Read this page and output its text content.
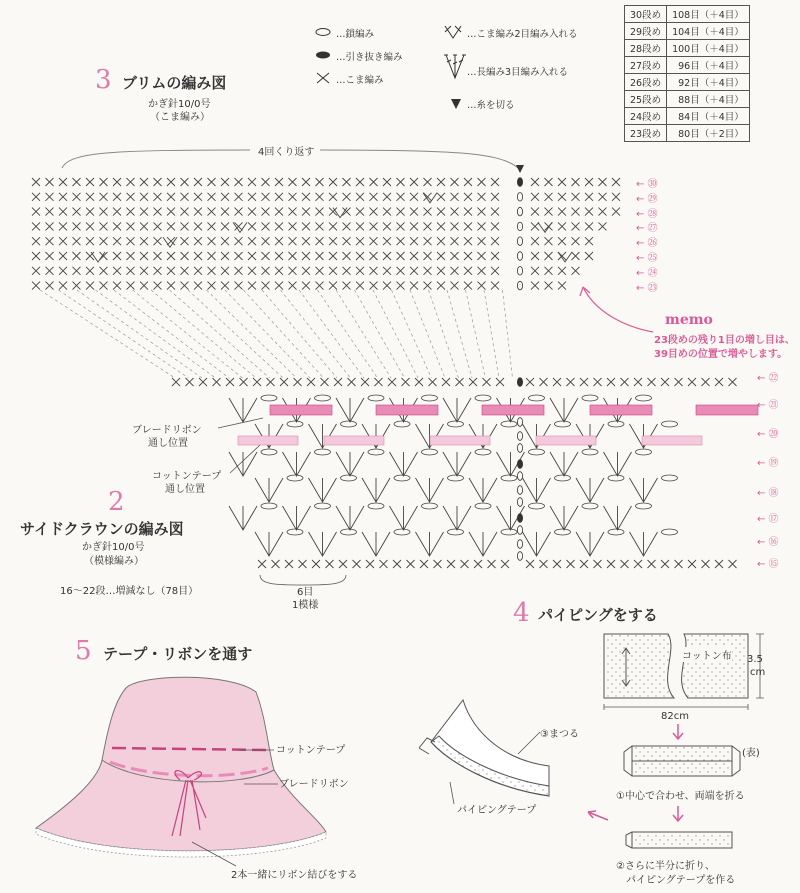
…鎖編み
…引き抜き編み
…こま編み
…こま編み2目編み入れる
…長編み3目編み入れる
…糸を切る
30段め	108目（＋4目）
29段め	104目（＋4目）
28段め	100目（＋4目）
27段め	96目（＋4目）
26段め	92目（＋4目）
25段め	88目（＋4目）
24段め	84目（＋4目）
23段め	80目（＋2目）
3 ブリムの編み図
かぎ針10/0号
（こま編み）
4回くり返す
← ㉚
← ㉙
← ㉘
← ㉗
← ㉖
← ㉕
← ㉔
← ㉓
memo
23段めの残り1目の増し目は、
39目めの位置で増やします。
← ㉒
← ㉑
← ⑳
← ⑲
← ⑱
← ⑰
← ⑯
← ⑮
ブレードリボン
通し位置
コットンテープ
通し位置
2
サイドクラウンの編み図
かぎ針10/0号
（模様編み）
16〜22段…増減なし（78目）	6目
1模様	4 パイピングをする
コットン布 3.5
cm
82cm
(表)
①中心で合わせ、両端を折る
②さらに半分に折り、
パイピングテープを作る
③まつる
パイピングテープ
5 テープ・リボンを通す
コットンテープ
ブレードリボン
2本一緒にリボン結びをする
